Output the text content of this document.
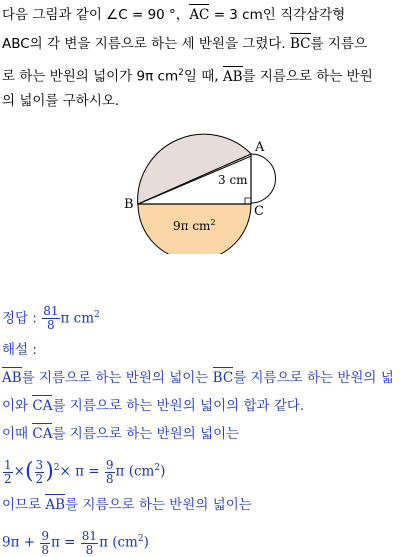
다음 그림과 같이 ∠C = 90 °，AC = 3 cm인 직각삼각형
ABC의 각 변을 지름으로 하는 세 반원을 그렸다. BC를 지름으
로 하는 반원의 넓이가 9π $cm^2$일 때, AB를 지름으로 하는 반원
의 넓이를 구하시오.
A
B	C
3 cm
9π $cm^2$
정답 : $\frac{81}{8}$ π $cm^2$
해설 :
AB를 지름으로 하는 반원의 넓이는 BC를 지름으로 하는 반원의 넓
이와 CA를 지름으로 하는 반원의 넓이의 합과 같다.
이때 CA를 지름으로 하는 반원의 넓이는
$\frac{1}{2}$ ×( $\frac{3}{2} )^2\times \pi = \frac{9}{8}$ π $(cm^2)$
이므로 AB를 지름으로 하는 반원의 넓이는
$9\pi + \frac{9}{8}$ $\pi = \frac{81}{8}$ π $(cm^2)$
